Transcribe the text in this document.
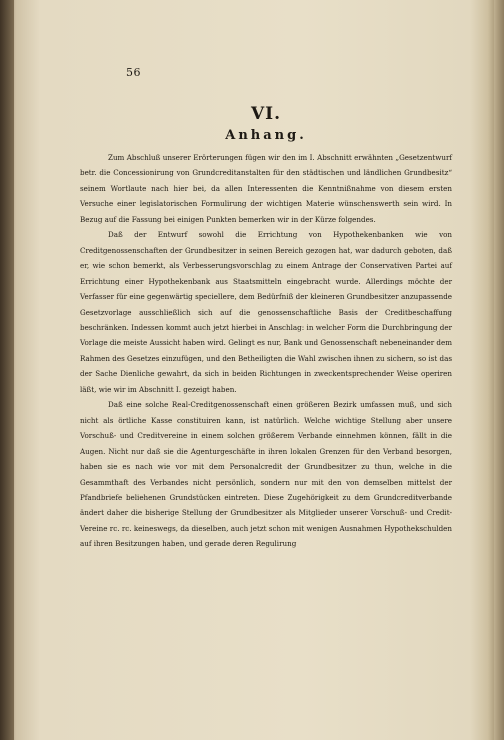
56
VI.
Anhang.

Zum Abschluß unserer Erörterungen fügen wir den im I. Abschnitt erwähnten „Gesetzentwurf betr. die Concessionirung von Grundcreditanstalten für den städtischen und ländlichen Grundbesitz“ seinem Wortlaute nach hier bei, da allen Interessenten die Kenntnißnahme von diesem ersten Versuche einer legislatorischen Formulirung der wichtigen Materie wünschenswerth sein wird. In Bezug auf die Fassung bei einigen Punkten bemerken wir in der Kürze folgendes.

Daß der Entwurf sowohl die Errichtung von Hypothekenbanken wie von Creditgenossenschaften der Grundbesitzer in seinen Bereich gezogen hat, war dadurch geboten, daß er, wie schon bemerkt, als Verbesserungsvorschlag zu einem Antrage der Conservativen Partei auf Errichtung einer Hypothekenbank aus Staatsmitteln eingebracht wurde. Allerdings möchte der Verfasser für eine gegenwärtig speciellere, dem Bedürfniß der kleineren Grundbesitzer anzupassende Gesetzvorlage ausschließlich sich auf die genossenschaftliche Basis der Creditbeschaffung beschränken. Indessen kommt auch jetzt hierbei in Anschlag: in welcher Form die Durchbringung der Vorlage die meiste Aussicht haben wird. Gelingt es nur, Bank und Genossenschaft nebeneinander dem Rahmen des Gesetzes einzufügen, und den Betheiligten die Wahl zwischen ihnen zu sichern, so ist das der Sache Dienliche gewahrt, da sich in beiden Richtungen in zweckentsprechender Weise operiren läßt, wie wir im Abschnitt I. gezeigt haben.

Daß eine solche Real-Creditgenossenschaft einen größeren Bezirk umfassen muß, und sich nicht als örtliche Kasse constituiren kann, ist natürlich. Welche wichtige Stellung aber unsere Vorschuß- und Creditvereine in einem solchen größerem Verbande einnehmen können, fällt in die Augen. Nicht nur daß sie die Agenturgeschäfte in ihren lokalen Grenzen für den Verband besorgen, haben sie es nach wie vor mit dem Personalcredit der Grundbesitzer zu thun, welche in die Gesammthaft des Verbandes nicht persönlich, sondern nur mit den von demselben mittelst der Pfandbriefe beliehenen Grundstücken eintreten. Diese Zugehörigkeit zu dem Grundcreditverbande ändert daher die bisherige Stellung der Grundbesitzer als Mitglieder unserer Vorschuß- und Credit-Vereine rc. rc. keineswegs, da dieselben, auch jetzt schon mit wenigen Ausnahmen Hypothekschulden auf ihren Besitzungen haben, und gerade deren Regulirung
